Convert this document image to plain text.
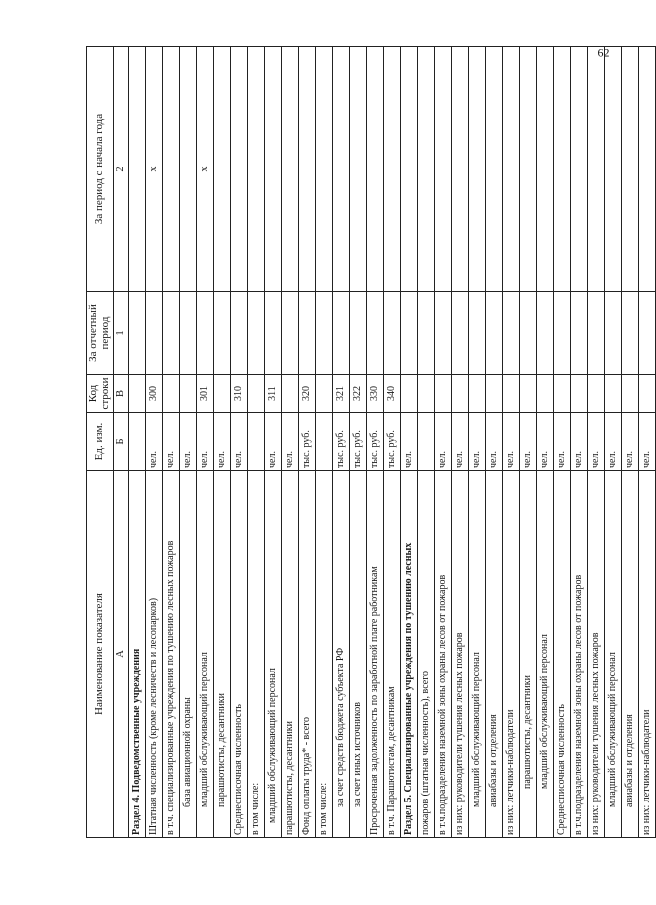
Наименование показателя	Ед. изм.	Код строки	За отчетный период	За период с начала года
А	Б	В	1	2
Раздел 4. Подведомственные учреждения				
Штатная численность (кроме лесничеств и лесопарков)	чел.	300		х
в т.ч. специализированные учреждения по тушению лесных пожаров	чел.			
база авиационной охраны	чел.			
младший обслуживающий персонал	чел.	301		х
парашютисты, десантники	чел.			
Среднесписочная численность	чел.	310		
в том числе:				
младший обслуживающий персонал	чел.	311		
парашютисты, десантники	чел.			
Фонд оплаты труда* - всего	тыс. руб.	320		
в том числе:				
за счет средств бюджета субъекта РФ	тыс. руб.	321		
за счет иных источников	тыс. руб.	322		
Просроченная задолженность по заработной плате работникам	тыс. руб.	330		
в т.ч. Парашютистам, десантникам	тыс. руб.	340		
Раздел 5. Специализированные учреждения по тушению лесных	чел.			
пожаров (штатная численность), всего				
в т.ч.подразделения наземной зоны охраны лесов от пожаров	чел.			
из них: руководители тушения лесных пожаров	чел.			
младший обслуживающий персонал	чел.			
авиабазы и отделения	чел.			
из них: летчики-наблюдатели	чел.			
парашютисты, десантники	чел.			
младший обслуживающий персонал	чел.			
Среднесписочная численность	чел.			
в т.ч.подразделения наземной зоны охраны лесов от пожаров	чел.			
из них: руководители тушения лесных пожаров	чел.			
младший обслуживающий персонал	чел.			
авиабазы и отделения	чел.			
из них: летчики-наблюдатели	чел.			
62
